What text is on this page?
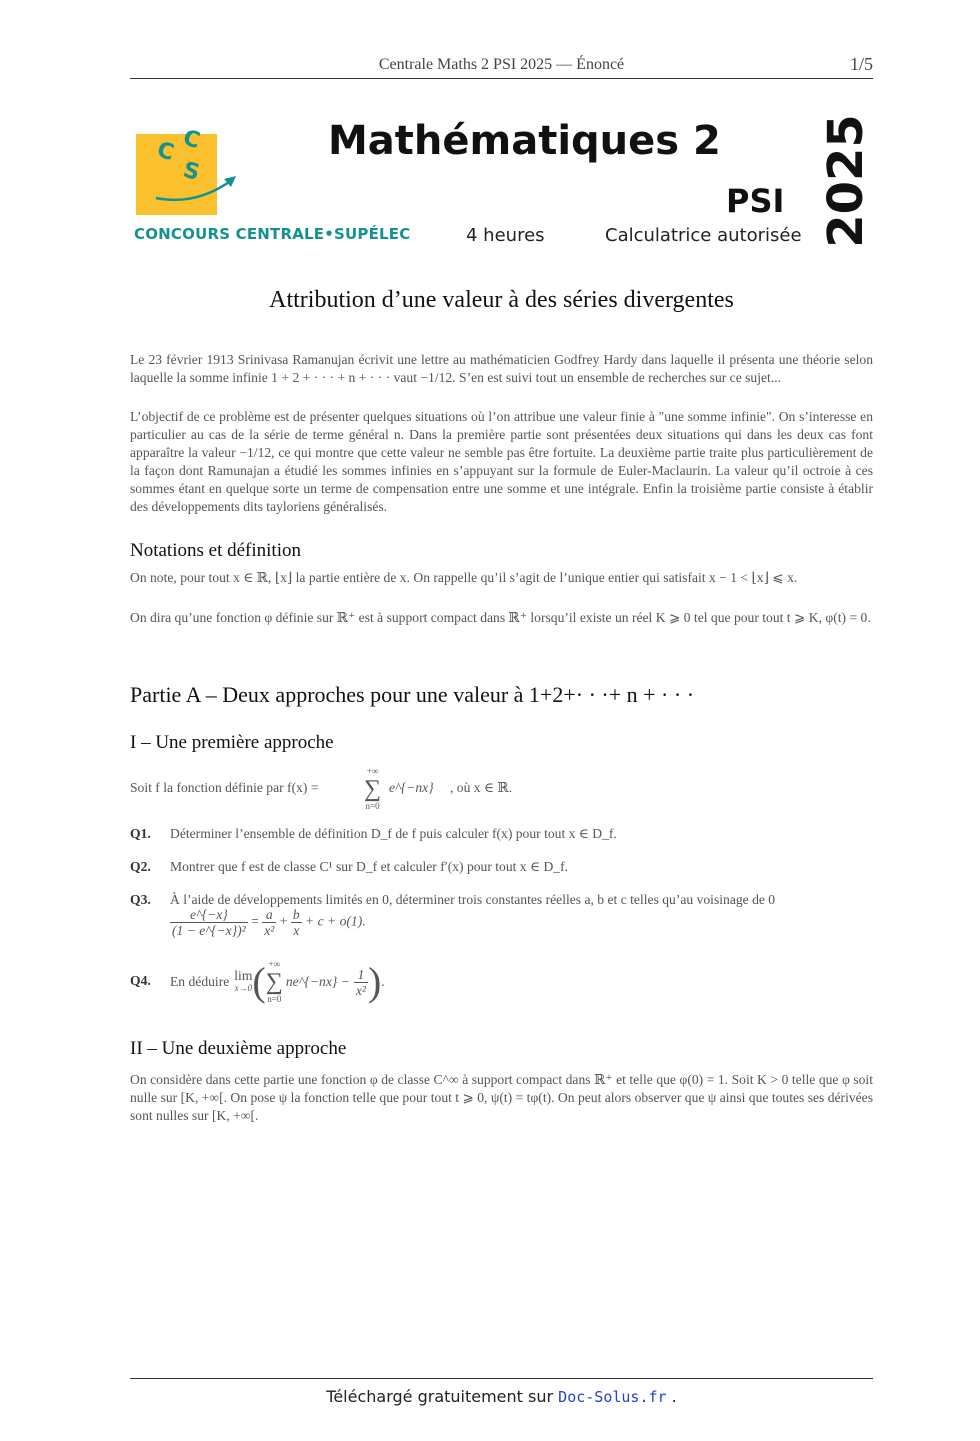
Centrale Maths 2 PSI 2025 — Énoncé	1/5
C C
S
CONCOURS CENTRALE•SUPÉLEC
Mathématiques 2
PSI 2025
4 heures	Calculatrice autorisée
Attribution d’une valeur à des séries divergentes

Le 23 février 1913 Srinivasa Ramanujan écrivit une lettre au mathématicien Godfrey Hardy dans laquelle il présenta une théorie selon laquelle la somme infinie 1 + 2 + · · · + n + · · · vaut −1/12. S’en est suivi tout un ensemble de recherches sur ce sujet...

L’objectif de ce problème est de présenter quelques situations où l’on attribue une valeur finie à "une somme infinie". On s’interesse en particulier au cas de la série de terme général n. Dans la première partie sont présentées deux situations qui dans les deux cas font apparaître la valeur −1/12, ce qui montre que cette valeur ne semble pas être fortuite. La deuxième partie traite plus particulièrement de la façon dont Ramunajan a étudié les sommes infinies en s’appuyant sur la formule de Euler-Maclaurin. La valeur qu’il octroie à ces sommes étant en quelque sorte un terme de compensation entre une somme et une intégrale. Enfin la troisième partie consiste à établir des développements dits tayloriens généralisés.

Notations et définition

On note, pour tout x ∈ ℝ, ⌊x⌋ la partie entière de x. On rappelle qu’il s’agit de l’unique entier qui satisfait x − 1 < ⌊x⌋ ⩽ x.

On dira qu’une fonction φ définie sur ℝ⁺ est à support compact dans ℝ⁺ lorsqu’il existe un réel K ⩾ 0 tel que pour tout t ⩾ K, φ(t) = 0.

Partie A – Deux approches pour une valeur à 1+2+· · ·+ n + · · ·
I – Une première approche
Soit f la fonction définie par f(x) =
+∞
∑
n=0
e^{−nx} , où x ∈ ℝ.
Q1. Déterminer l’ensemble de définition D_f de f puis calculer f(x) pour tout x ∈ D_f.
Q2. Montrer que f est de classe C¹ sur D_f et calculer f′(x) pour tout x ∈ D_f.
Q3. À l’aide de développements limités en 0, déterminer trois constantes réelles a, b et c telles qu’au voisinage de 0
$\frac{e\^{}\{-x\}}{\text{(1 − e\textasciicircum{}\{−x\})²}} = \frac{a}{\text{x²}} + \frac{b}{x} + c + o(1)$.
Q4. En déduire lim
x→0 ( +∞
∑
n=0
ne^{−nx} − $\frac{1}{\text{x²}}$ ) .
II – Une deuxième approche

On considère dans cette partie une fonction φ de classe C^∞ à support compact dans ℝ⁺ et telle que φ(0) = 1. Soit K > 0 telle que φ soit nulle sur [K, +∞[. On pose ψ la fonction telle que pour tout t ⩾ 0, ψ(t) = tφ(t). On peut alors observer que ψ ainsi que toutes ses dérivées sont nulles sur [K, +∞[.

Téléchargé gratuitement sur Doc-Solus.fr .
